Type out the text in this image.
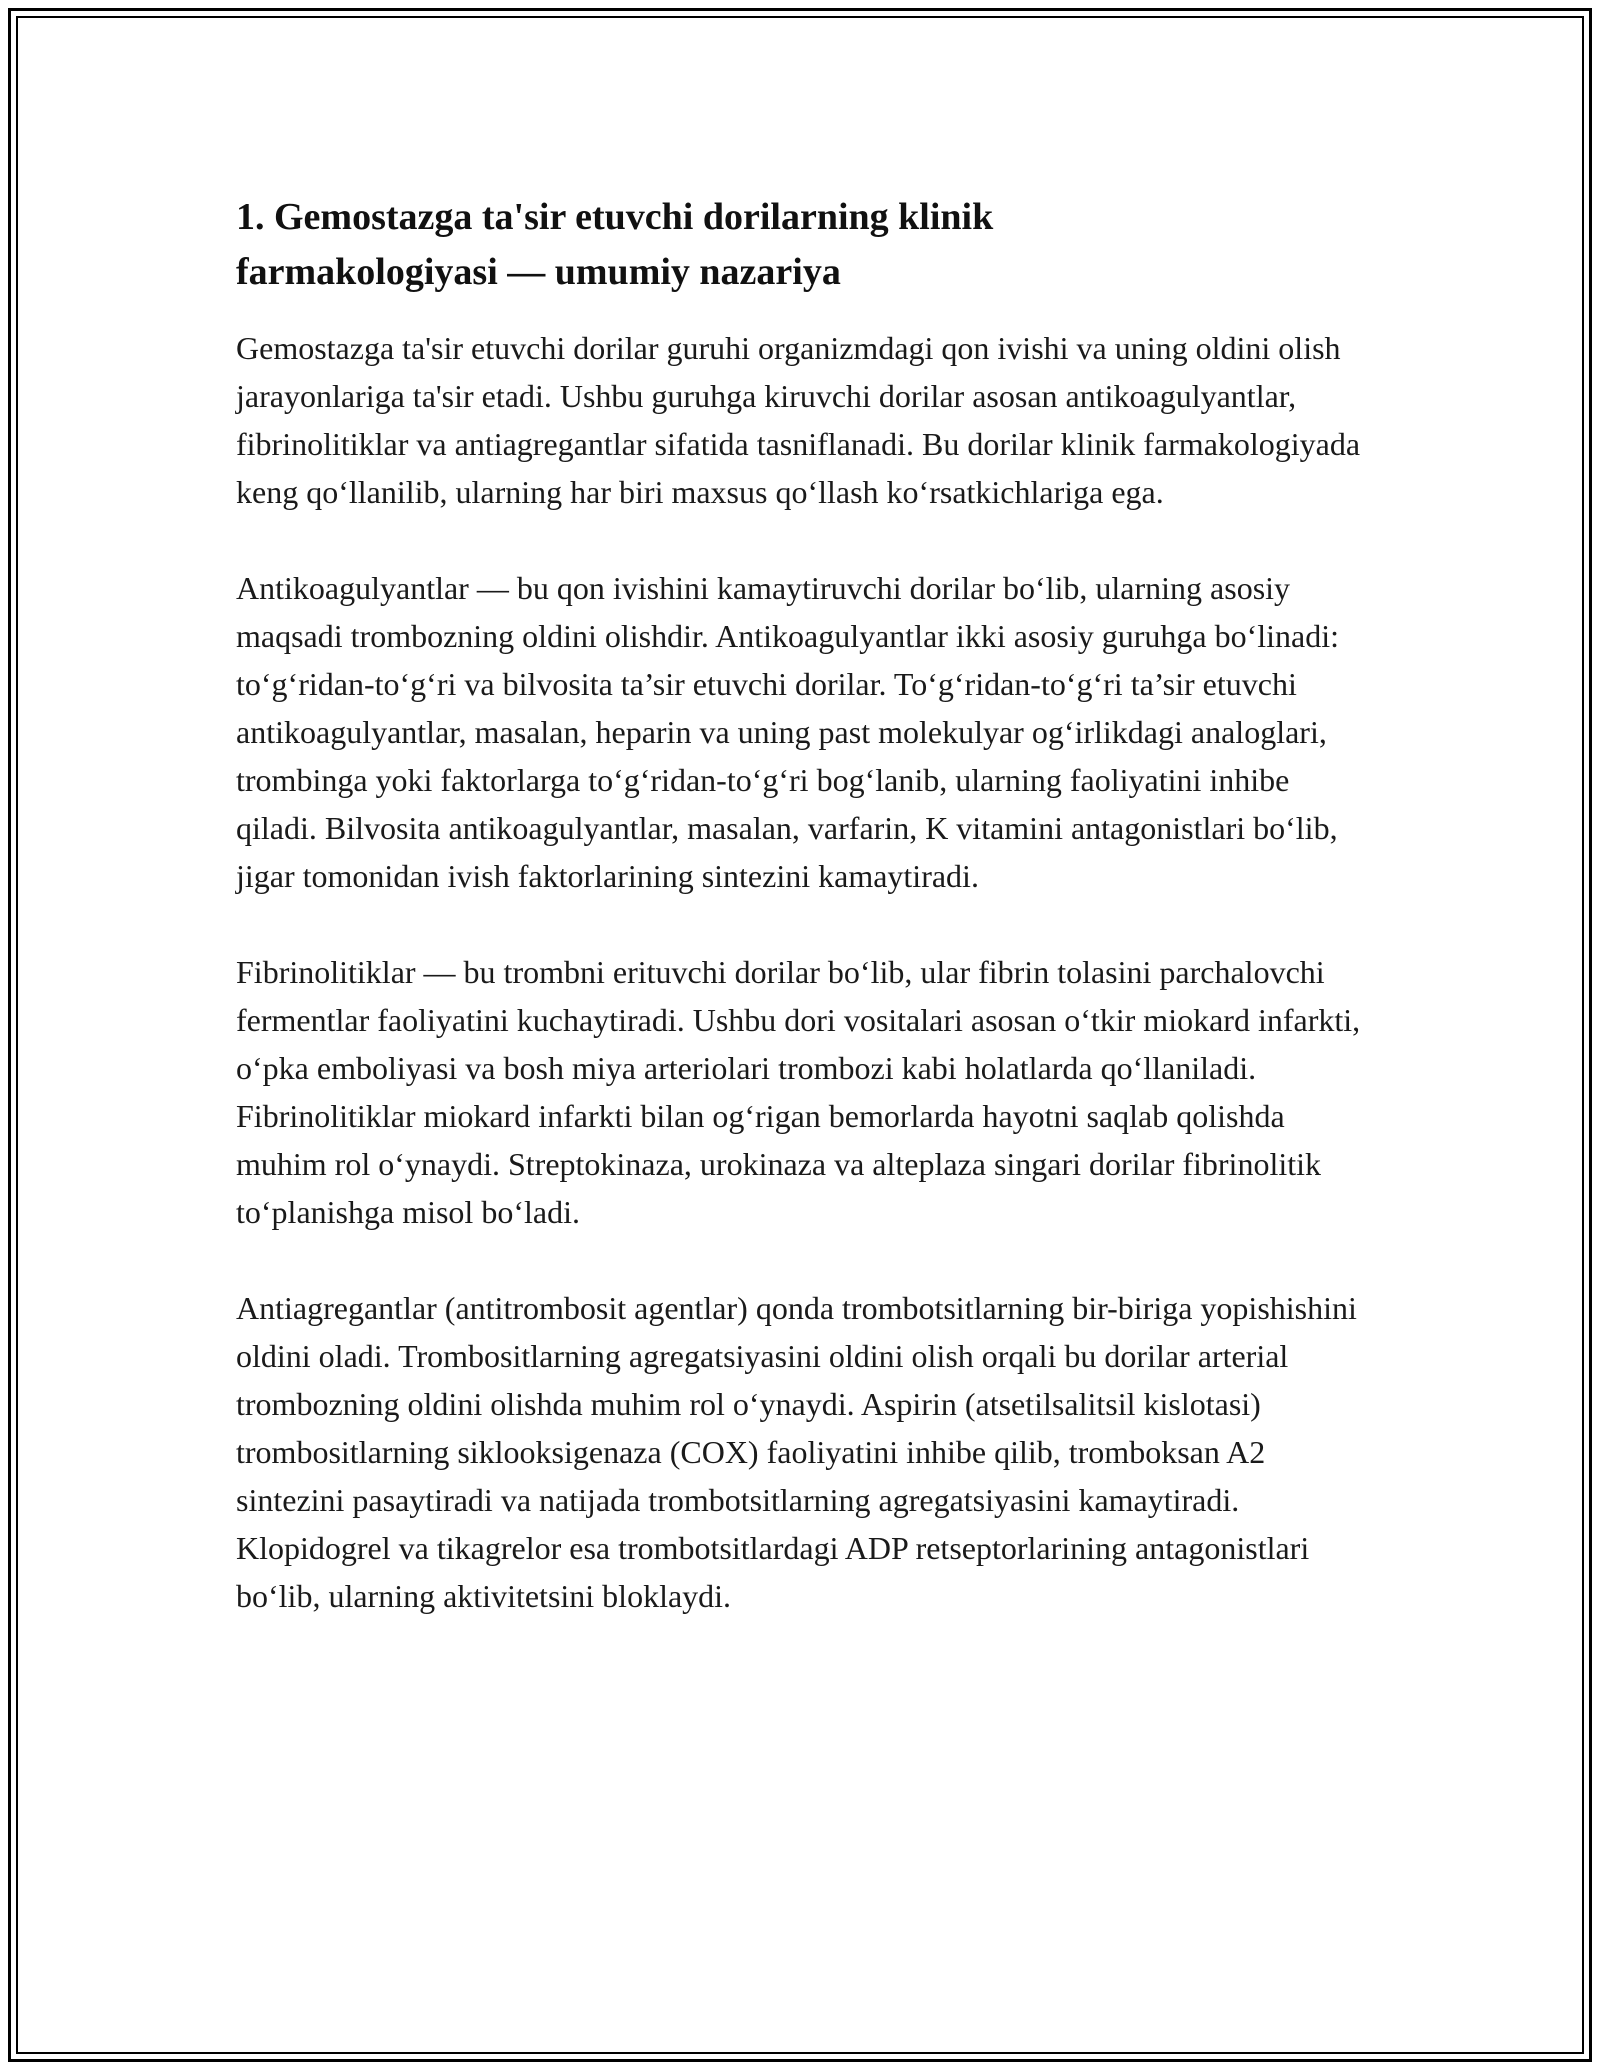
1. Gemostazga ta'sir etuvchi dorilarning klinik farmakologiyasi — umumiy nazariya

Gemostazga ta'sir etuvchi dorilar guruhi organizmdagi qon ivishi va uning oldini olish jarayonlariga ta'sir etadi. Ushbu guruhga kiruvchi dorilar asosan antikoagulyantlar, fibrinolitiklar va antiagregantlar sifatida tasniflanadi. Bu dorilar klinik farmakologiyada keng qoʻllanilib, ularning har biri maxsus qoʻllash koʻrsatkichlariga ega.

Antikoagulyantlar — bu qon ivishini kamaytiruvchi dorilar boʻlib, ularning asosiy maqsadi trombozning oldini olishdir. Antikoagulyantlar ikki asosiy guruhga boʻlinadi: toʻgʻridan-toʻgʻri va bilvosita ta’sir etuvchi dorilar. Toʻgʻridan-toʻgʻri ta’sir etuvchi antikoagulyantlar, masalan, heparin va uning past molekulyar ogʻirlikdagi analoglari, trombinga yoki faktorlarga toʻgʻridan-toʻgʻri bogʻlanib, ularning faoliyatini inhibe qiladi. Bilvosita antikoagulyantlar, masalan, varfarin, K vitamini antagonistlari boʻlib, jigar tomonidan ivish faktorlarining sintezini kamaytiradi.

Fibrinolitiklar — bu trombni erituvchi dorilar boʻlib, ular fibrin tolasini parchalovchi fermentlar faoliyatini kuchaytiradi. Ushbu dori vositalari asosan oʻtkir miokard infarkti, oʻpka emboliyasi va bosh miya arteriolari trombozi kabi holatlarda qoʻllaniladi. Fibrinolitiklar miokard infarkti bilan ogʻrigan bemorlarda hayotni saqlab qolishda muhim rol oʻynaydi. Streptokinaza, urokinaza va alteplaza singari dorilar fibrinolitik toʻplanishga misol boʻladi.

Antiagregantlar (antitrombosit agentlar) qonda trombotsitlarning bir-biriga yopishishini oldini oladi. Trombositlarning agregatsiyasini oldini olish orqali bu dorilar arterial trombozning oldini olishda muhim rol oʻynaydi. Aspirin (atsetilsalitsil kislotasi) trombositlarning siklooksigenaza (COX) faoliyatini inhibe qilib, tromboksan A2 sintezini pasaytiradi va natijada trombotsitlarning agregatsiyasini kamaytiradi. Klopidogrel va tikagrelor esa trombotsitlardagi ADP retseptorlarining antagonistlari boʻlib, ularning aktivitetsini bloklaydi.
